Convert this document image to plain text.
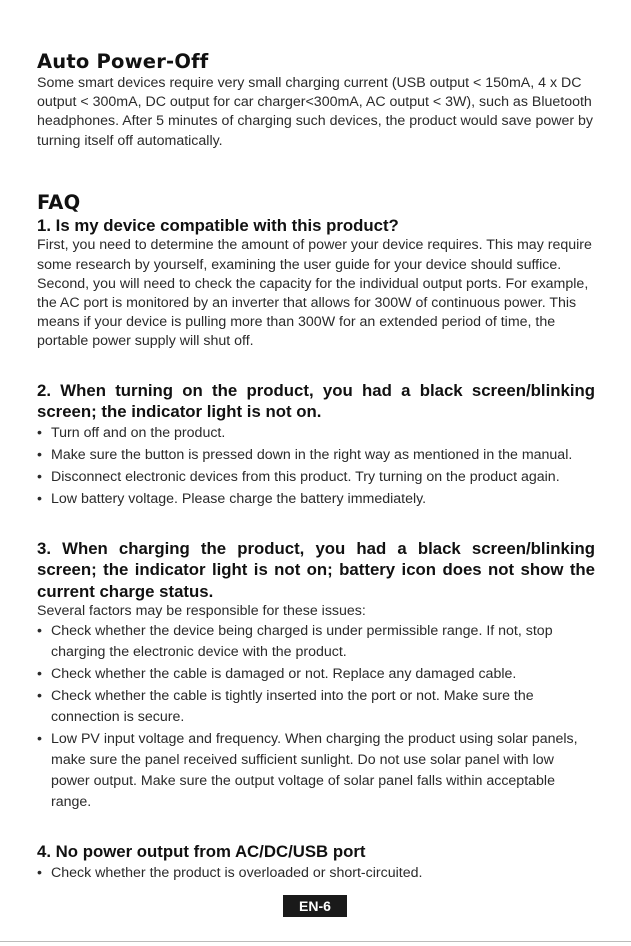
Auto Power-Off

Some smart devices require very small charging current (USB output < 150mA, 4 x DC output < 300mA, DC output for car charger<300mA, AC output < 3W), such as Bluetooth headphones. After 5 minutes of charging such devices, the product would save power by turning itself off automatically.

FAQ
1. Is my device compatible with this product?

First, you need to determine the amount of power your device requires. This may require some research by yourself, examining the user guide for your device should suffice.

Second, you will need to check the capacity for the individual output ports. For example, the AC port is monitored by an inverter that allows for 300W of continuous power. This means if your device is pulling more than 300W for an extended period of time, the portable power supply will shut off.

2. When turning on the product, you had a black screen/blinking screen; the indicator light is not on.
• Turn off and on the product.
• Make sure the button is pressed down in the right way as mentioned in the manual.
• Disconnect electronic devices from this product. Try turning on the product again.
• Low battery voltage. Please charge the battery immediately.
3. When charging the product, you had a black screen/blinking screen; the indicator light is not on; battery icon does not show the current charge status.

Several factors may be responsible for these issues:

• Check whether the device being charged is under permissible range. If not, stop charging the electronic device with the product.
• Check whether the cable is damaged or not. Replace any damaged cable.
• Check whether the cable is tightly inserted into the port or not. Make sure the connection is secure.
• Low PV input voltage and frequency. When charging the product using solar panels, make sure the panel received sufficient sunlight. Do not use solar panel with low power output. Make sure the output voltage of solar panel falls within acceptable range.
4. No power output from AC/DC/USB port
• Check whether the product is overloaded or short-circuited.
EN-6
